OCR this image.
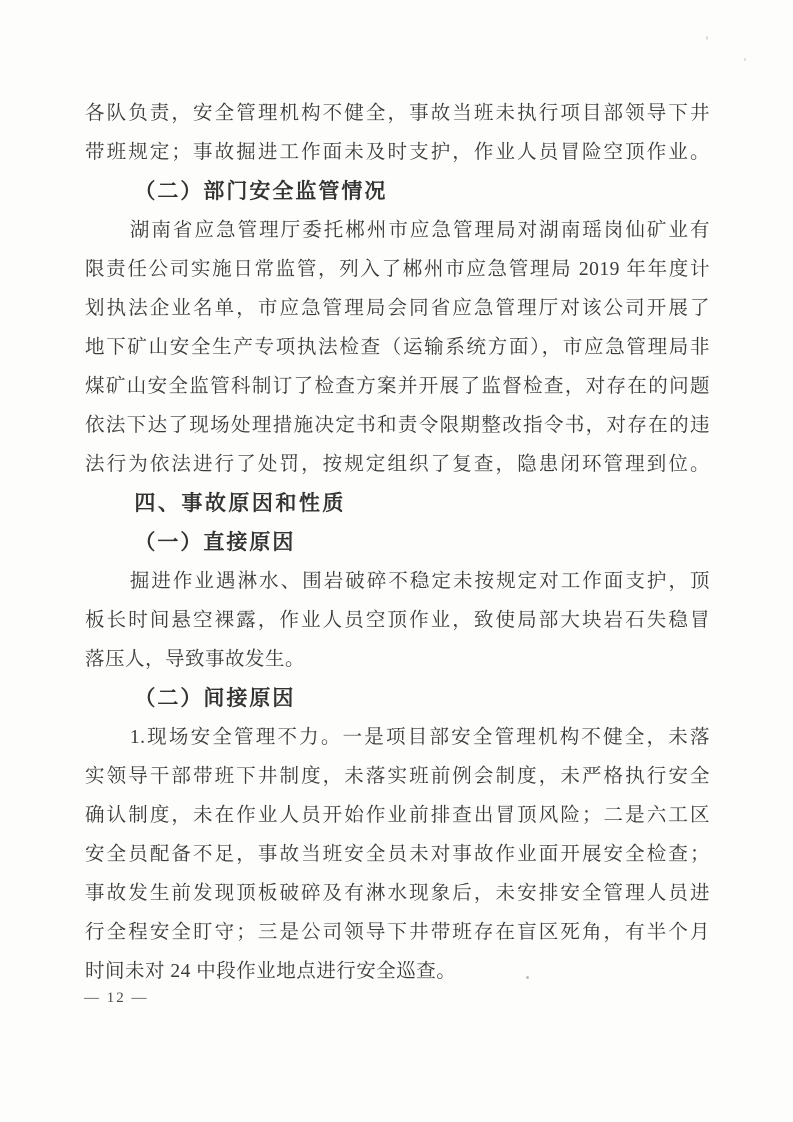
各队负责，安全管理机构不健全，事故当班未执行项目部领导下井
带班规定；事故掘进工作面未及时支护，作业人员冒险空顶作业。
（二）部门安全监管情况
湖南省应急管理厅委托郴州市应急管理局对湖南瑶岗仙矿业有
限责任公司实施日常监管，列入了郴州市应急管理局 2019 年年度计
划执法企业名单，市应急管理局会同省应急管理厅对该公司开展了
地下矿山安全生产专项执法检查（运输系统方面），市应急管理局非
煤矿山安全监管科制订了检查方案并开展了监督检查，对存在的问题
依法下达了现场处理措施决定书和责令限期整改指令书，对存在的违
法行为依法进行了处罚，按规定组织了复查，隐患闭环管理到位。
四、事故原因和性质
（一）直接原因
掘进作业遇淋水、围岩破碎不稳定未按规定对工作面支护，顶
板长时间悬空裸露，作业人员空顶作业，致使局部大块岩石失稳冒
落压人，导致事故发生。
（二）间接原因
1.现场安全管理不力。一是项目部安全管理机构不健全，未落
实领导干部带班下井制度，未落实班前例会制度，未严格执行安全
确认制度，未在作业人员开始作业前排查出冒顶风险；二是六工区
安全员配备不足，事故当班安全员未对事故作业面开展安全检查；
事故发生前发现顶板破碎及有淋水现象后，未安排安全管理人员进
行全程安全盯守；三是公司领导下井带班存在盲区死角，有半个月
时间未对 24 中段作业地点进行安全巡查。
— 12 —
